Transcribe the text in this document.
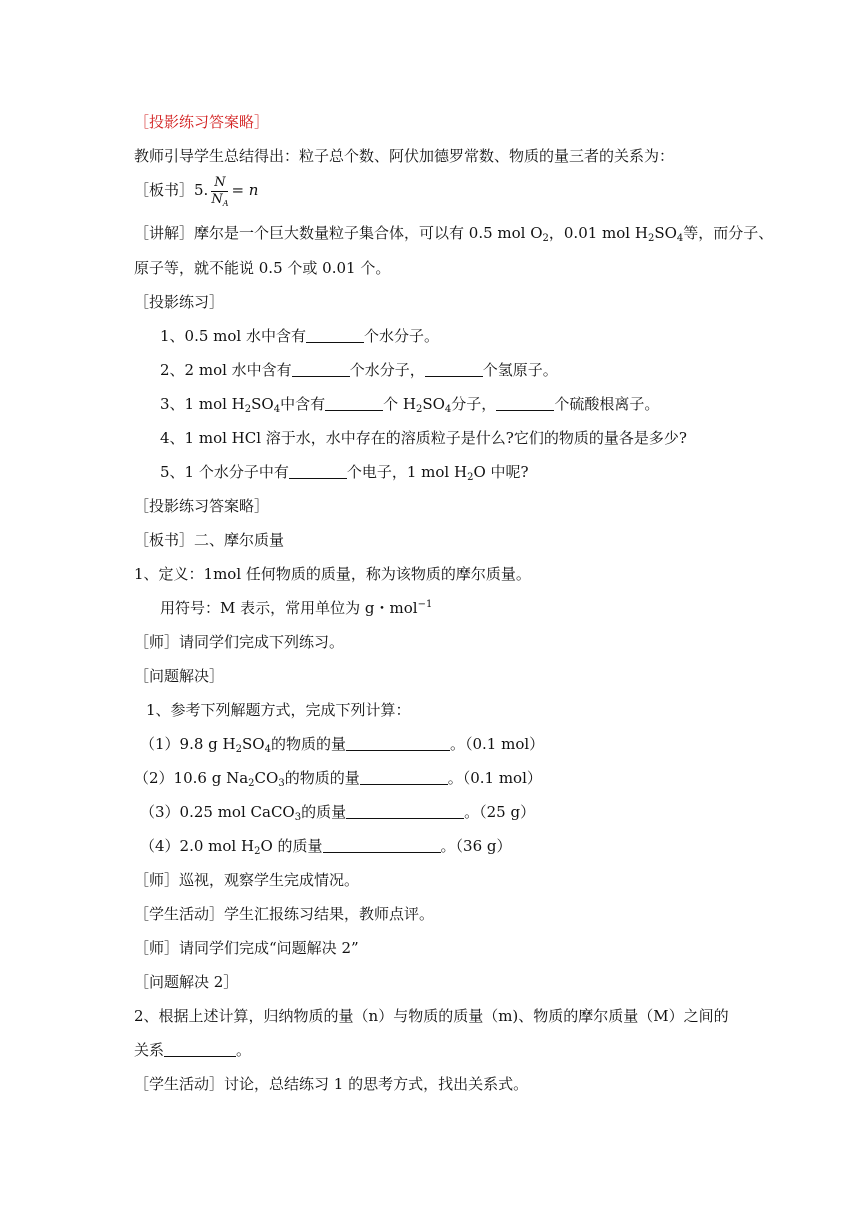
［投影练习答案略］
教师引导学生总结得出：粒子总个数、阿伏加德罗常数、物质的量三者的关系为：
［板书］5. $\frac{N}{N_A} = n$
［讲解］摩尔是一个巨大数量粒子集合体，可以有 0.5 mol $O_2$，0.01 mol $H_2SO_4$等，而分子、
原子等，就不能说 0.5 个或 0.01 个。
［投影练习］
1、0.5 mol 水中含有	个水分子。
2、2 mol 水中含有	个水分子，	个氢原子。
3、1 mol $H_2SO_4$中含有	个 $H_2SO_4$分子，	个硫酸根离子。
4、1 mol HCl 溶于水，水中存在的溶质粒子是什么?它们的物质的量各是多少?
5、1 个水分子中有	个电子，1 mol $H_2O$ 中呢?
［投影练习答案略］
［板书］二、摩尔质量
1、定义：1mol 任何物质的质量，称为该物质的摩尔质量。
用符号：M 表示，常用单位为 g・mol$^{-1}$
［师］请同学们完成下列练习。
［问题解决］
1、参考下列解题方式，完成下列计算：
（1）9.8 g $H_2SO_4$的物质的量	。（0.1 mol）
（2）10.6 g $Na_2CO_3$的物质的量	。（0.1 mol）
（3）0.25 mol CaCO$_3$的质量	。（25 g）
（4）2.0 mol $H_2O$ 的质量	。（36 g）
［师］巡视，观察学生完成情况。
［学生活动］学生汇报练习结果，教师点评。
［师］请同学们完成“问题解决 2”
［问题解决 2］
2、根据上述计算，归纳物质的量（n）与物质的质量（m)、物质的摩尔质量（M）之间的
关系	。
［学生活动］讨论，总结练习 1 的思考方式，找出关系式。
